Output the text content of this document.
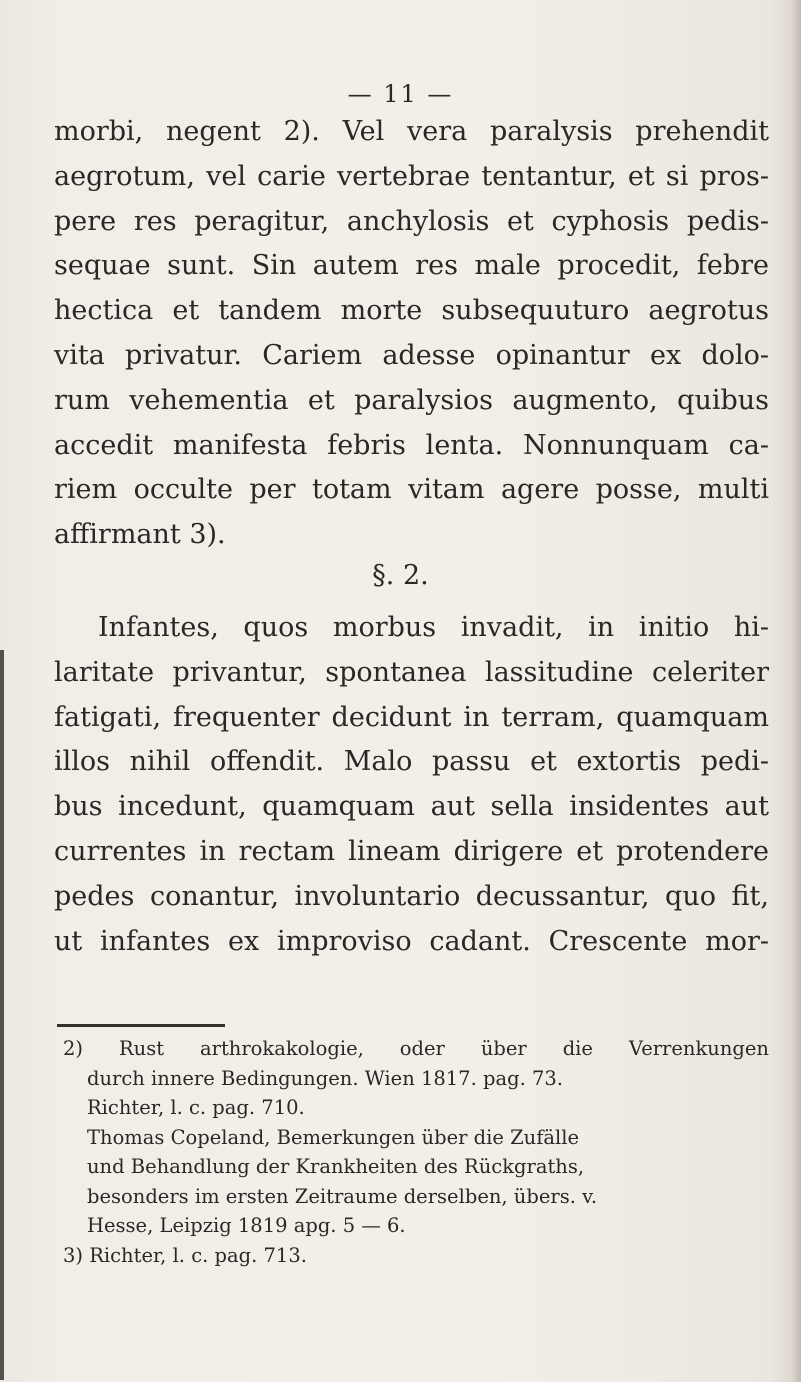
— 11 —
morbi, negent 2). Vel vera paralysis prehendit
aegrotum, vel carie vertebrae tentantur, et si pros-
pere res peragitur, anchylosis et cyphosis pedis-
sequae sunt. Sin autem res male procedit, febre
hectica et tandem morte subsequuturo aegrotus
vita privatur. Cariem adesse opinantur ex dolo-
rum vehementia et paralysios augmento, quibus
accedit manifesta febris lenta. Nonnunquam ca-
riem occulte per totam vitam agere posse, multi
affirmant 3).
§. 2.
Infantes, quos morbus invadit, in initio hi-
laritate privantur, spontanea lassitudine celeriter
fatigati, frequenter decidunt in terram, quamquam
illos nihil offendit. Malo passu et extortis pedi-
bus incedunt, quamquam aut sella insidentes aut
currentes in rectam lineam dirigere et protendere
pedes conantur, involuntario decussantur, quo fit,
ut infantes ex improviso cadant. Crescente mor-
2) Rust arthrokakologie, oder über die Verrenkungen
durch innere Bedingungen. Wien 1817. pag. 73.
Richter, l. c. pag. 710.
Thomas Copeland, Bemerkungen über die Zufälle
und Behandlung der Krankheiten des Rückgraths,
besonders im ersten Zeitraume derselben, übers. v.
Hesse, Leipzig 1819 apg. 5 — 6.
3) Richter, l. c. pag. 713.
